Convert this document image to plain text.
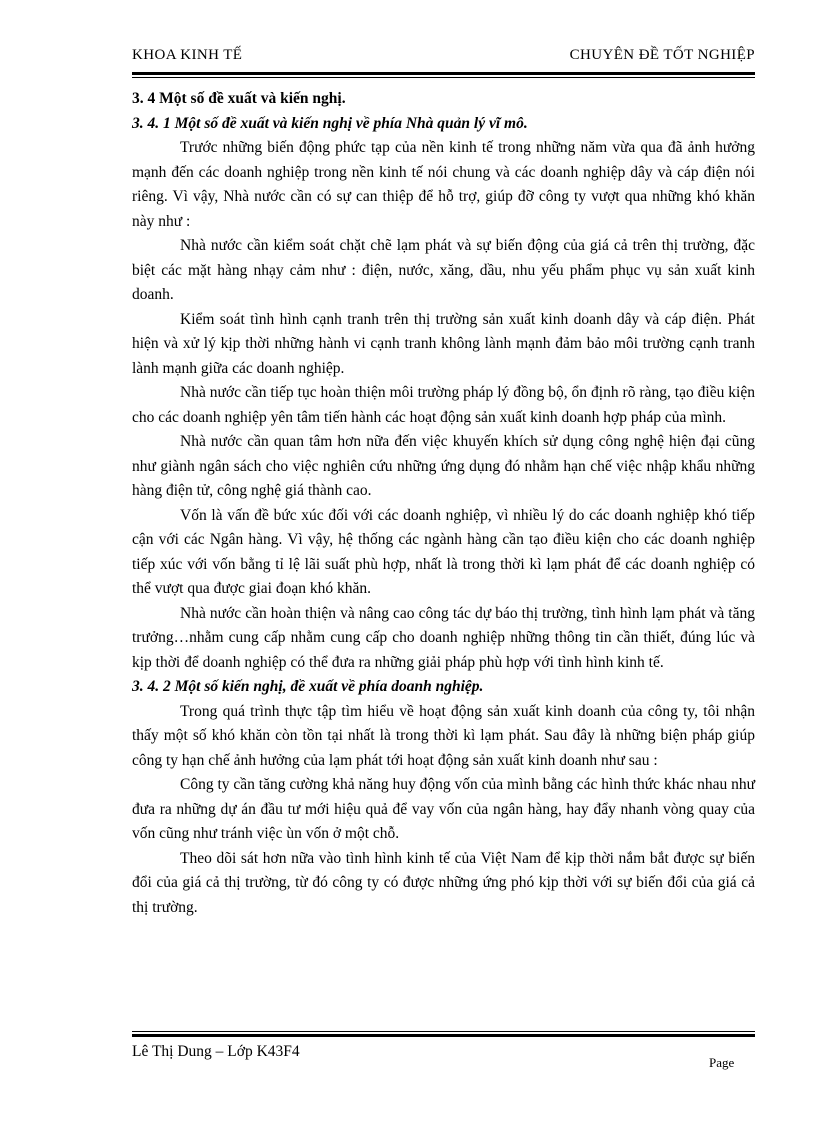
KHOA KINH TẾ	CHUYÊN ĐỀ TỐT NGHIỆP

3. 4 Một số đề xuất và kiến nghị.

3. 4. 1 Một số đề xuất và kiến nghị về phía Nhà quản lý vĩ mô.

Trước những biến động phức tạp của nền kinh tế trong những năm vừa qua đã ảnh hưởng mạnh đến các doanh nghiệp trong nền kinh tế nói chung và các doanh nghiệp dây và cáp điện nói riêng. Vì vậy, Nhà nước cần có sự can thiệp để hỗ trợ, giúp đỡ công ty vượt qua những khó khăn này như :

Nhà nước cần kiểm soát chặt chẽ lạm phát và sự biến động của giá cả trên thị trường, đặc biệt các mặt hàng nhạy cảm như : điện, nước, xăng, dầu, nhu yếu phẩm phục vụ sản xuất kinh doanh.

Kiểm soát tình hình cạnh tranh trên thị trường sản xuất kinh doanh dây và cáp điện. Phát hiện và xử lý kịp thời những hành vi cạnh tranh không lành mạnh đảm bảo môi trường cạnh tranh lành mạnh giữa các doanh nghiệp.

Nhà nước cần tiếp tục hoàn thiện môi trường pháp lý đồng bộ, ổn định rõ ràng, tạo điều kiện cho các doanh nghiệp yên tâm tiến hành các hoạt động sản xuất kinh doanh hợp pháp của mình.

Nhà nước cần quan tâm hơn nữa đến việc khuyến khích sử dụng công nghệ hiện đại cũng như giành ngân sách cho việc nghiên cứu những ứng dụng đó nhằm hạn chế việc nhập khẩu những hàng điện tử, công nghệ giá thành cao.

Vốn là vấn đề bức xúc đối với các doanh nghiệp, vì nhiều lý do các doanh nghiệp khó tiếp cận với các Ngân hàng. Vì vậy, hệ thống các ngành hàng cần tạo điều kiện cho các doanh nghiệp tiếp xúc với vốn bằng tỉ lệ lãi suất phù hợp, nhất là trong thời kì lạm phát để các doanh nghiệp có thể vượt qua được giai đoạn khó khăn.

Nhà nước cần hoàn thiện và nâng cao công tác dự báo thị trường, tình hình lạm phát và tăng trưởng…nhằm cung cấp nhằm cung cấp cho doanh nghiệp những thông tin cần thiết, đúng lúc và kịp thời để doanh nghiệp có thể đưa ra những giải pháp phù hợp với tình hình kinh tế.

3. 4. 2 Một số kiến nghị, đề xuất về phía doanh nghiệp.

Trong quá trình thực tập tìm hiểu về hoạt động sản xuất kinh doanh của công ty, tôi nhận thấy một số khó khăn còn tồn tại nhất là trong thời kì lạm phát. Sau đây là những biện pháp giúp công ty hạn chế ảnh hưởng của lạm phát tới hoạt động sản xuất kinh doanh như sau :

Công ty cần tăng cường khả năng huy động vốn của mình bằng các hình thức khác nhau như đưa ra những dự án đầu tư mới hiệu quả để vay vốn của ngân hàng, hay đẩy nhanh vòng quay của vốn cũng như tránh việc ùn vốn ở một chỗ.

Theo dõi sát hơn nữa vào tình hình kinh tế của Việt Nam để kịp thời nắm bắt được sự biến đổi của giá cả thị trường, từ đó công ty có được những ứng phó kịp thời với sự biến đổi của giá cả thị trường.

Lê Thị Dung – Lớp K43F4
Page
